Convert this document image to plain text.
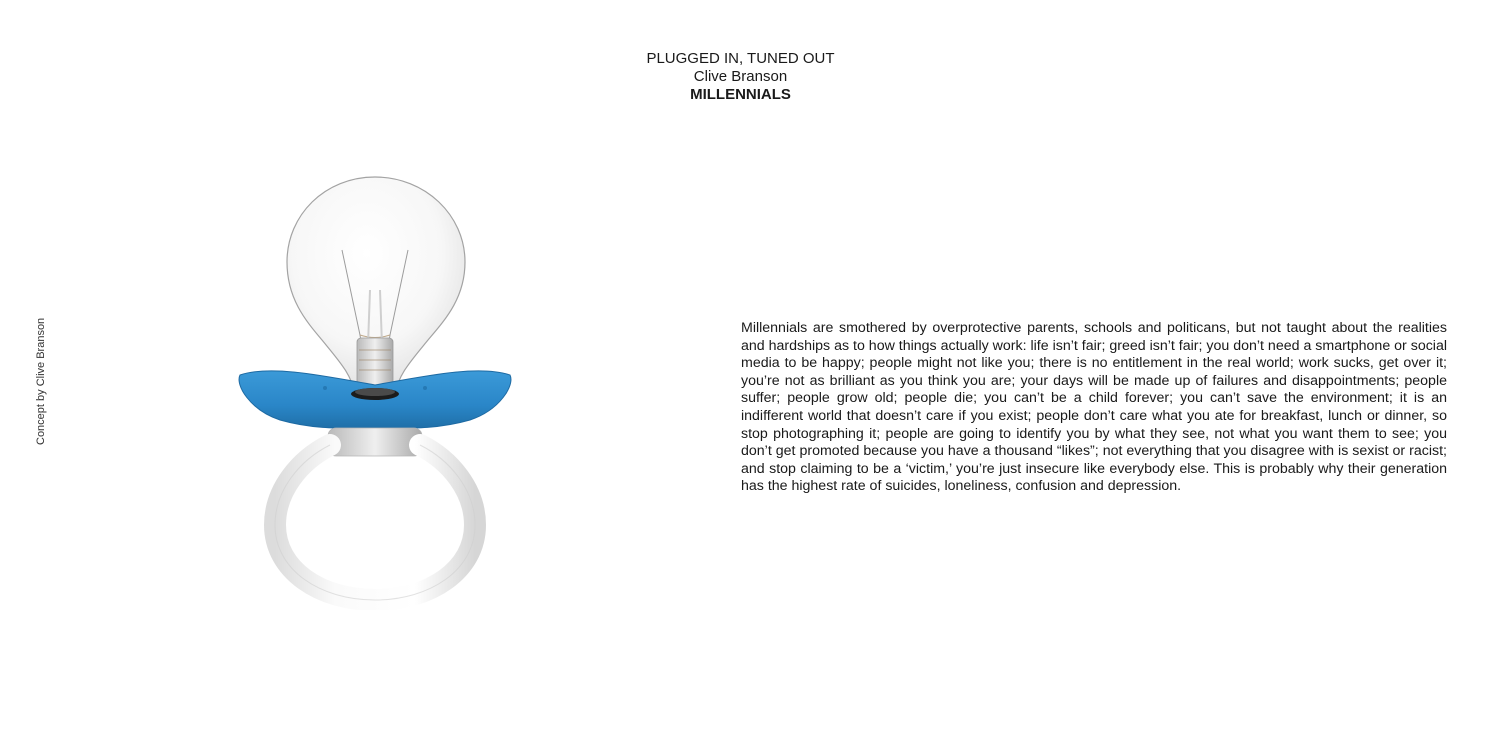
PLUGGED IN, TUNED OUT
Clive Branson
MILLENNIALS
Concept by Clive Branson	Millennials are smothered by overprotective parents, schools and politicans, but not taught about the realities and hardships as to how things actually work: life isn’t fair; greed isn’t fair; you don’t need a smartphone or social media to be happy; people might not like you; there is no entitlement in the real world; work sucks, get over it; you’re not as brilliant as you think you are; your days will be made up of failures and disappointments; people suffer; people grow old; people die; you can’t be a child forever; you can’t save the environment; it is an indifferent world that doesn’t care if you exist; people don’t care what you ate for breakfast, lunch or dinner, so stop photographing it; people are going to identify you by what they see, not what you want them to see; you don’t get promoted because you have a thousand “likes”; not everything that you disagree with is sexist or racist; and stop claiming to be a ‘victim,’ you’re just insecure like everybody else. This is probably why their generation has the highest rate of suicides, loneliness, confusion and depression.
